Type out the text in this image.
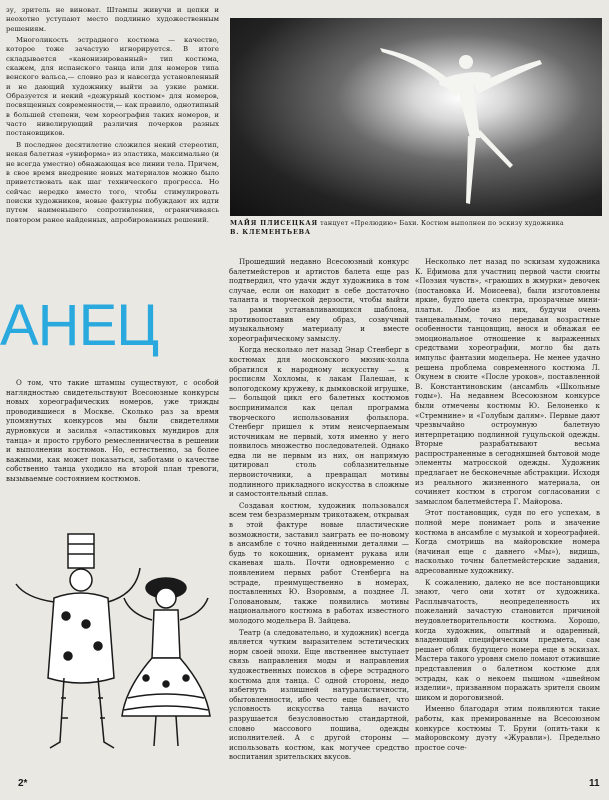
зу, зритель не виноват. Штампы живучи и цепки и неохотно уступают место подлинно художественным решениям.

Многоликость эстрадного костюма — качество, которое тоже зачастую игнорируется. В итоге складывается «канонизированный» тип костюма, скажем, для испанского танца или для номеров типа венского вальса,— словно раз и навсегда установленный и не дающий художнику выйти за узкие рамки. Образуется и некий «дежурный костюм» для номеров, посвященных современности,— как правило, однотипный в большей степени, чем хореография таких номеров, и часто нивелирующий различия почерков разных постановщиков.

В последнее десятилетие сложился некий стереотип, некая балетная «униформа» из эластика, максимально (и не всегда уместно) обнажающая все линии тела. Причем, в свое время внедрение новых материалов можно было приветствовать как шаг технического прогресса. Но сейчас нередко вместо того, чтобы стимулировать поиски художников, новые фактуры побуждают их идти путем наименьшего сопротивления, ограничиваясь повтором ранее найденных, апробированных решений.	МАЙЯ ПЛИСЕЦКАЯ танцует «Прелюдию» Бахи. Костюм выполнен по эскизу художника
В. КЛЕМЕНТЬЕВА
АНЕЦ

О том, что такие штампы существуют, с особой наглядностью свидетельствуют Всесоюзные конкурсы новых хореографических номеров, уже трижды проводившиеся в Москве. Сколько раз за время упомянутых конкурсов мы были свидетелями дурновкуси и засилья «эластиковых мундиров для танца» и просто грубого ремесленничества в решении и выполнении костюмов. Но, естественно, за более важными, как может показаться, заботами о качестве собственно танца уходило на второй план тревоги, вызываемые состоянием костюмов.

Прошедший недавно Всесоюзный конкурс балетмейстеров и артистов балета еще раз подтвердил, что удачи ждут художника в том случае, если он находит в себе достаточно таланта и творческой дерзости, чтобы выйти за рамки устанавливающихся шаблона, противопоставив ему образ, созвучный музыкальному материалу и вместе хореографическому замыслу.

Когда несколько лет назад Энар Стенберг в костюмах для московского мюзик-холла обратился к народному искусству — к росписям Хохломы, к лакам Палешан, к вологодскому кружеву, к дымковской игрушке,— больщой цикл его балетных костюмов воспринимался как целая программа творческого использования фольклора. Стенберг пришел к этим неисчерпаемым источникам не первый, хотя именно у него появилось множество последователей. Однако едва ли не первым из них, он напрямую цитировал столь соблазнительные первоисточники, а превращал мотивы подлинного прикладного искусства в сложные и самостоятельный сплав.

Создавая костюм, художник пользовался всем тем безразмерным трикотажем, открывая в этой фактуре новые пластические возможности, заставил заиграть ее по-новому в ансамбле с точно найденными деталями — будь то кокошник, орнамент рукава или сканевая шаль. Почти одновременно с появлением первых работ Стенберга на эстраде, преимущественно в номерах, поставленных Ю. Взоровым, а позднее Л. Головановым, также появились мотивы национального костюма в работах известного молодого модельера В. Зайцева.

Театр (а следовательно, и художник) всегда является чутким выразителем эстетических норм своей эпохи. Еще явственнее выступает связь направления моды и направления художественных поисков в сфере эстрадного костюма для танца. С одной стороны, недо избегнуть излишней натуралистичности, обытовленности, ибо често еще бывает, что условность искусства танца начисто разрушается безусловностью стандартной, словно массового пошива, одежды исполнителей. А с другой стороны — использовать костюм, как могучее средство воспитания зрительских вкусов.

Несколько лет назад по эскизам художника К. Ефимова для участниц первой части сюиты «Поэзия чувств», «граюших в жмурки» девочек (постановка И. Моисеева), были изготовлены яркие, будто цвета спектра, прозрачные мини-платья. Любое из них, будучи очень танцевальным, точно передавая возрастные особенности танцовщиц, внося и обнажая ее эмоциональное отношение к выраженных средствами хореографии, могло бы дать импульс фантазии модельера. Не менее удачно решена проблема современного костюма Л. Окунем в сюите «После уроков», поставленной В. Константиновским (ансамбль «Школьные годы»). На недавнем Всесоюзном конкурсе были отмечены костюмы Ю. Белоненко к «Стремнине» и «Голубым далям». Первые дают чрезвычайно остроумную балетную интерпретацию подлинной гуцульской одежды. Вторые разрабатывают весьма распространенные в сегодняшней бытовой моде элементы матросской одежды. Художник предлагает не бесконечные абстракции. Исходя из реального жизненного материала, он сочиняет костюм в строгом согласовании с замыслом балетмейстера Г. Майорова.

Этот постановщик, судя по его успехам, в полной мере понимает роль и значение костюма в ансамбле с музыкой и хореографией. Когда смотришь на майоровские номера (начиная еще с давнего «Мы»), видишь, насколько точны балетмейстерские задания, адресованные художнику.

К сожалению, далеко не все постановщики знают, чего они хотят от художника. Расплывчатость, неопределенность их пожеланий зачастую становится причиной неудовлетворительности костюма. Хорошо, когда художник, опытный и одаренный, владеющий специфическим предмета, сам решает облик будущего номера еще в эскизах. Мастера такого уровня смело ломают отжившие представления о балетном костюме для эстрады, как о некоем пышном «швейном изделии», призванном поражать зрителя своим шиком и дороговизной.

Именно благодаря этим появляются такие работы, как премированные на Всесоюзном конкурсе костюмы Т. Бруни (опять-таки к майоровскому дуэту «Журавли»). Предельно простое соче-

2*	11
